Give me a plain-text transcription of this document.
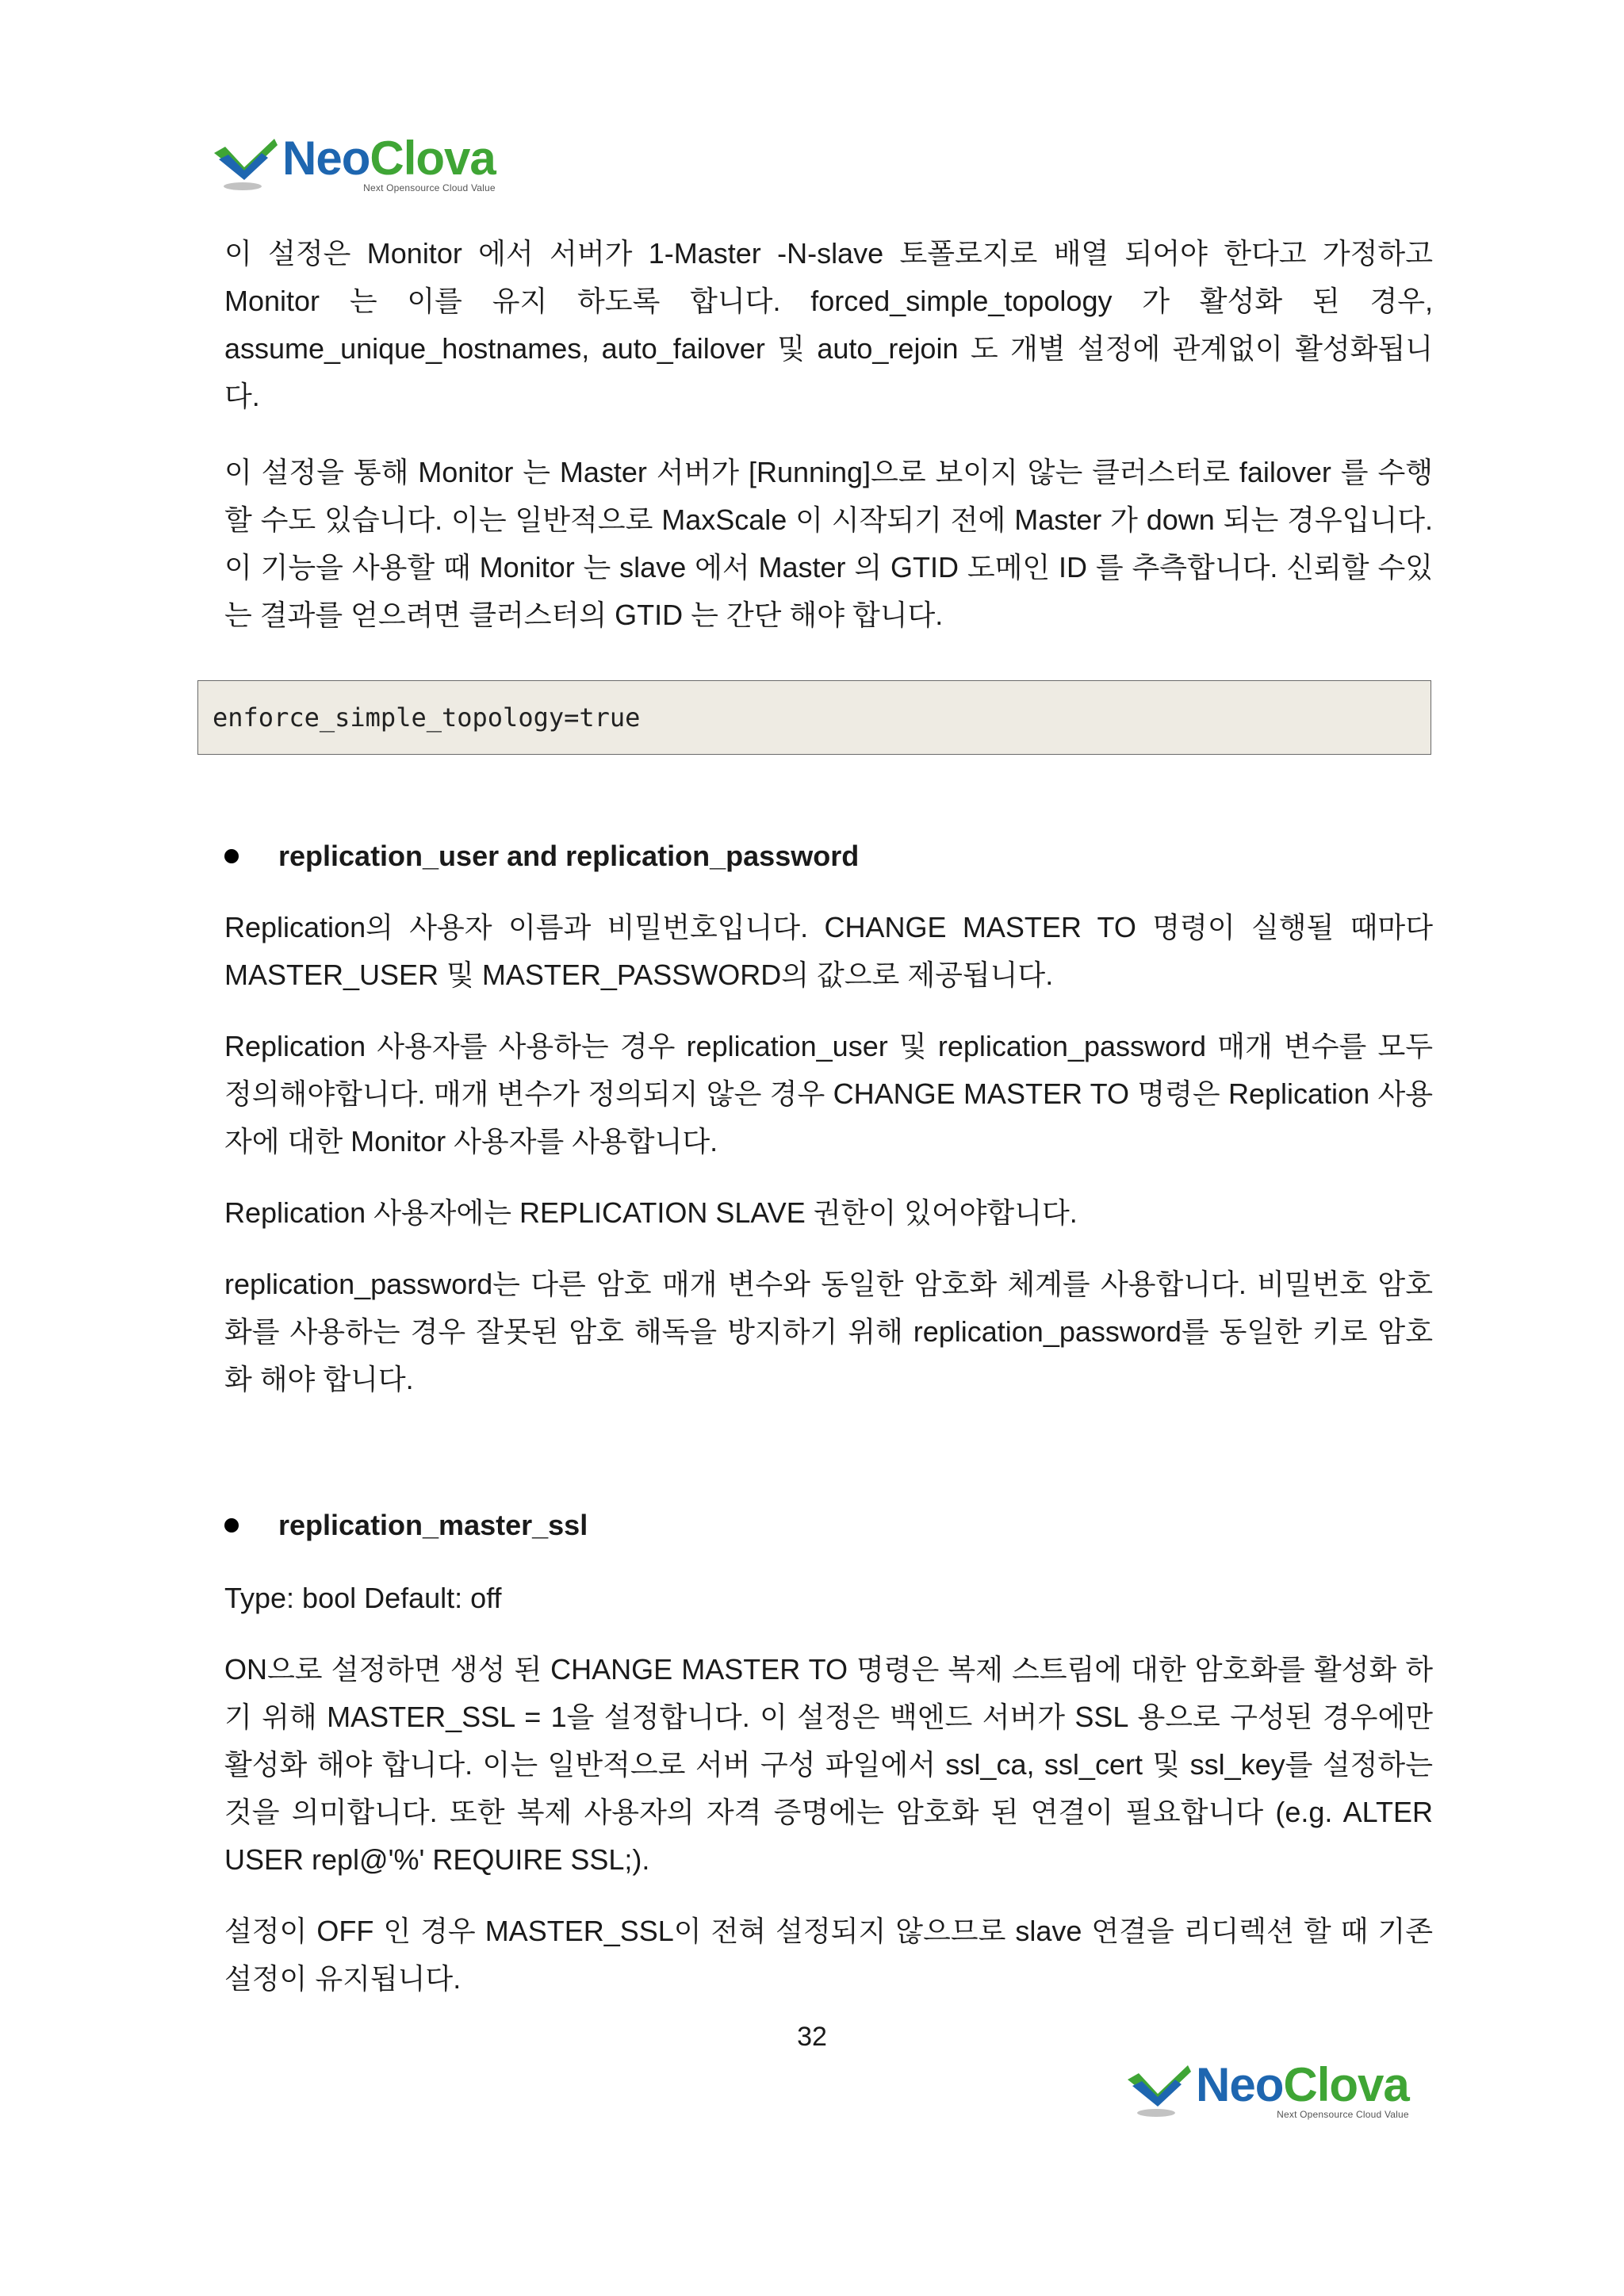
NeoClova
Next Opensource Cloud Value

이 설정은 Monitor 에서 서버가 1-Master -N-slave 토폴로지로 배열 되어야 한다고 가정하고 Monitor 는 이를 유지 하도록 합니다. forced_simple_topology 가 활성화 된 경우, assume_unique_hostnames, auto_failover 및 auto_rejoin 도 개별 설정에 관계없이 활성화됩니다.

이 설정을 통해 Monitor 는 Master 서버가 [Running]으로 보이지 않는 클러스터로 failover 를 수행 할 수도 있습니다. 이는 일반적으로 MaxScale 이 시작되기 전에 Master 가 down 되는 경우입니다. 이 기능을 사용할 때 Monitor 는 slave 에서 Master 의 GTID 도메인 ID 를 추측합니다. 신뢰할 수있는 결과를 얻으려면 클러스터의 GTID 는 간단 해야 합니다.

enforce_simple_topology=true
replication_user and replication_password

Replication의 사용자 이름과 비밀번호입니다. CHANGE MASTER TO 명령이 실행될 때마다 MASTER_USER 및 MASTER_PASSWORD의 값으로 제공됩니다.

Replication 사용자를 사용하는 경우 replication_user 및 replication_password 매개 변수를 모두 정의해야합니다. 매개 변수가 정의되지 않은 경우 CHANGE MASTER TO 명령은 Replication 사용자에 대한 Monitor 사용자를 사용합니다.

Replication 사용자에는 REPLICATION SLAVE 권한이 있어야합니다.

replication_password는 다른 암호 매개 변수와 동일한 암호화 체계를 사용합니다. 비밀번호 암호화를 사용하는 경우 잘못된 암호 해독을 방지하기 위해 replication_password를 동일한 키로 암호화 해야 합니다.

replication_master_ssl

Type: bool Default: off

ON으로 설정하면 생성 된 CHANGE MASTER TO 명령은 복제 스트림에 대한 암호화를 활성화 하기 위해 MASTER_SSL = 1을 설정합니다. 이 설정은 백엔드 서버가 SSL 용으로 구성된 경우에만 활성화 해야 합니다. 이는 일반적으로 서버 구성 파일에서 ssl_ca, ssl_cert 및 ssl_key를 설정하는 것을 의미합니다. 또한 복제 사용자의 자격 증명에는 암호화 된 연결이 필요합니다 (e.g. ALTER USER repl@'%' REQUIRE SSL;).

설정이 OFF 인 경우 MASTER_SSL이 전혀 설정되지 않으므로 slave 연결을 리디렉션 할 때 기존 설정이 유지됩니다.

32
NeoClova
Next Opensource Cloud Value
